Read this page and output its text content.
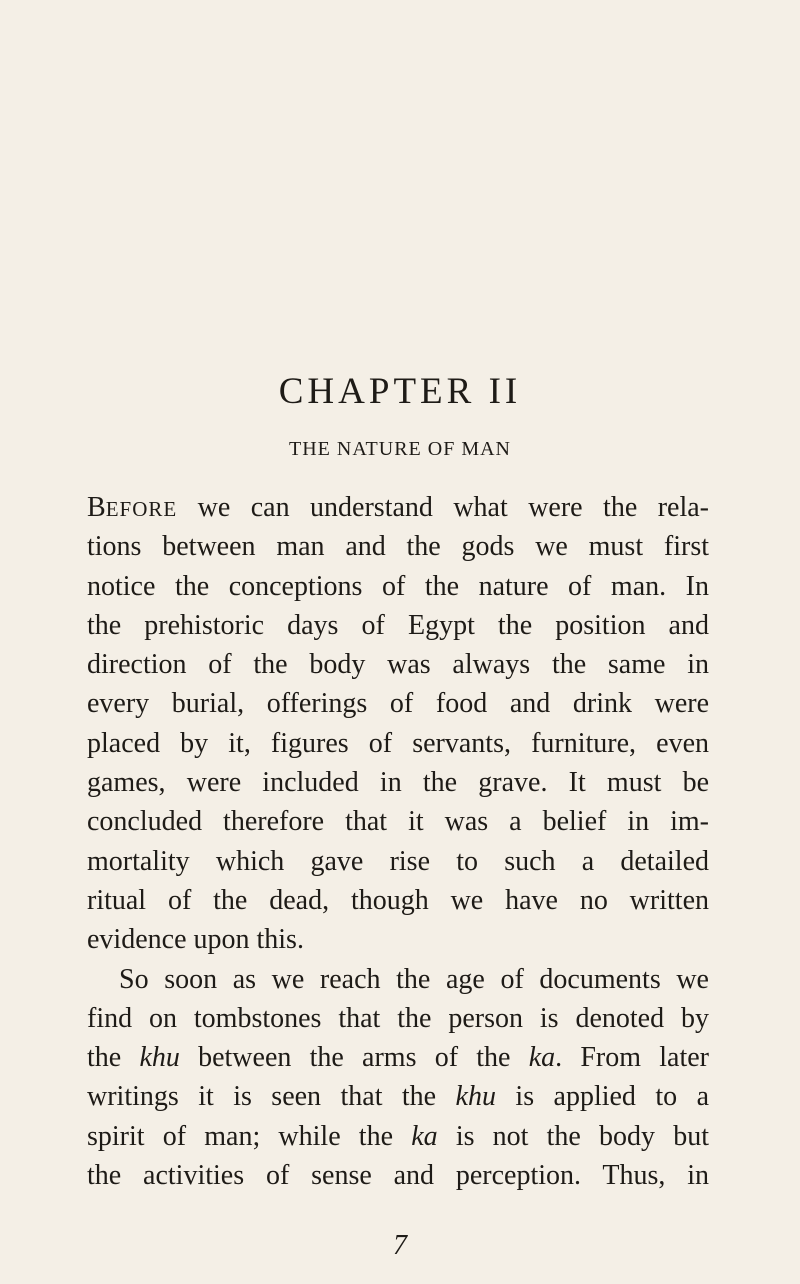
CHAPTER II
THE NATURE OF MAN
BEFORE we can understand what were the rela-
tions between man and the gods we must first
notice the conceptions of the nature of man. In
the prehistoric days of Egypt the position and
direction of the body was always the same in
every burial, offerings of food and drink were
placed by it, figures of servants, furniture, even
games, were included in the grave. It must be
concluded therefore that it was a belief in im-
mortality which gave rise to such a detailed
ritual of the dead, though we have no written
evidence upon this.
So soon as we reach the age of documents we
find on tombstones that the person is denoted by
the khu between the arms of the ka. From later
writings it is seen that the khu is applied to a
spirit of man; while the ka is not the body but
the activities of sense and perception. Thus, in
7
